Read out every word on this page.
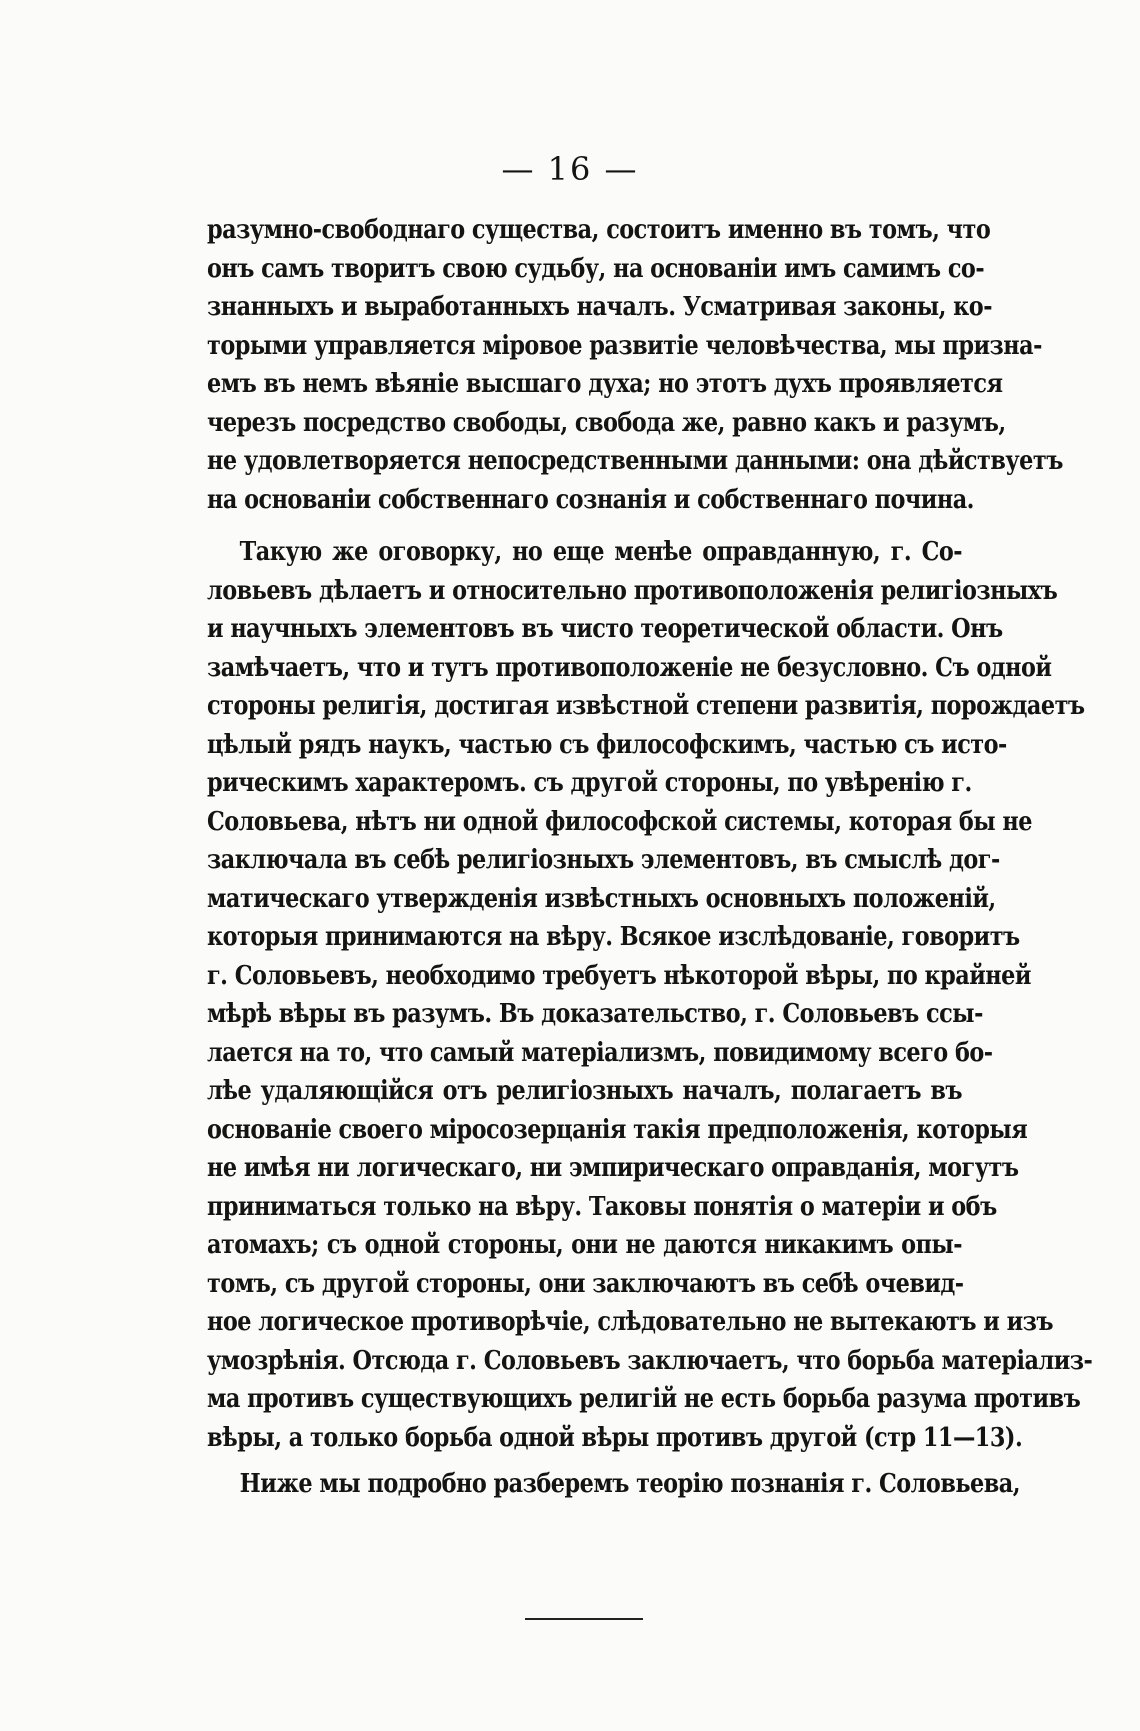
— 16 —
разумно-свободнаго существа, состоитъ именно въ томъ, что
онъ самъ творитъ свою судьбу, на основанiи имъ самимъ со-
знанныхъ и выработанныхъ началъ. Усматривая законы, ко-
торыми управляется мiровое развитiе человѣчества, мы призна-
емъ въ немъ вѣянiе высшаго духа; но этотъ духъ проявляется
черезъ посредство свободы, свобода же, равно какъ и разумъ,
не удовлетворяется непосредственными данными: она дѣйствуетъ
на основанiи собственнаго сознанiя и собственнаго почина.
Такую же оговорку, но еще менѣе оправданную, г. Со-
ловьевъ дѣлаетъ и относительно противоположенiя религiозныхъ
и научныхъ элементовъ въ чисто теоретической области. Онъ
замѣчаетъ, что и тутъ противоположенiе не безусловно. Съ одной
стороны религiя, достигая извѣстной степени развитiя, порождаетъ
цѣлый рядъ наукъ, частью съ философскимъ, частью съ исто-
рическимъ характеромъ. съ другой стороны, по увѣренiю г.
Соловьева, нѣтъ ни одной философской системы, которая бы не
заключала въ себѣ религiозныхъ элементовъ, въ смыслѣ дог-
матическаго утвержденiя извѣстныхъ основныхъ положенiй,
которыя принимаются на вѣру. Всякое изслѣдованiе, говоритъ
г. Соловьевъ, необходимо требуетъ нѣкоторой вѣры, по крайней
мѣрѣ вѣры въ разумъ. Въ доказательство, г. Соловьевъ ссы-
лается на то, что самый матерiализмъ, повидимому всего бо-
лѣе удаляющiйся отъ религiозныхъ началъ, полагаетъ въ
основанiе своего мiросозерцанiя такiя предположенiя, которыя
не имѣя ни логическаго, ни эмпирическаго оправданiя, могутъ
приниматься только на вѣру. Таковы понятiя о матерiи и объ
атомахъ; съ одной стороны, они не даются никакимъ опы-
томъ, съ другой стороны, они заключаютъ въ себѣ очевид-
ное логическое противорѣчiе, слѣдовательно не вытекаютъ и изъ
умозрѣнiя. Отсюда г. Соловьевъ заключаетъ, что борьба матерiализ-
ма противъ существующихъ религiй не есть борьба разума противъ
вѣры, а только борьба одной вѣры противъ другой (стр 11—13).
Ниже мы подробно разберемъ теорiю познанiя г. Соловьева,
